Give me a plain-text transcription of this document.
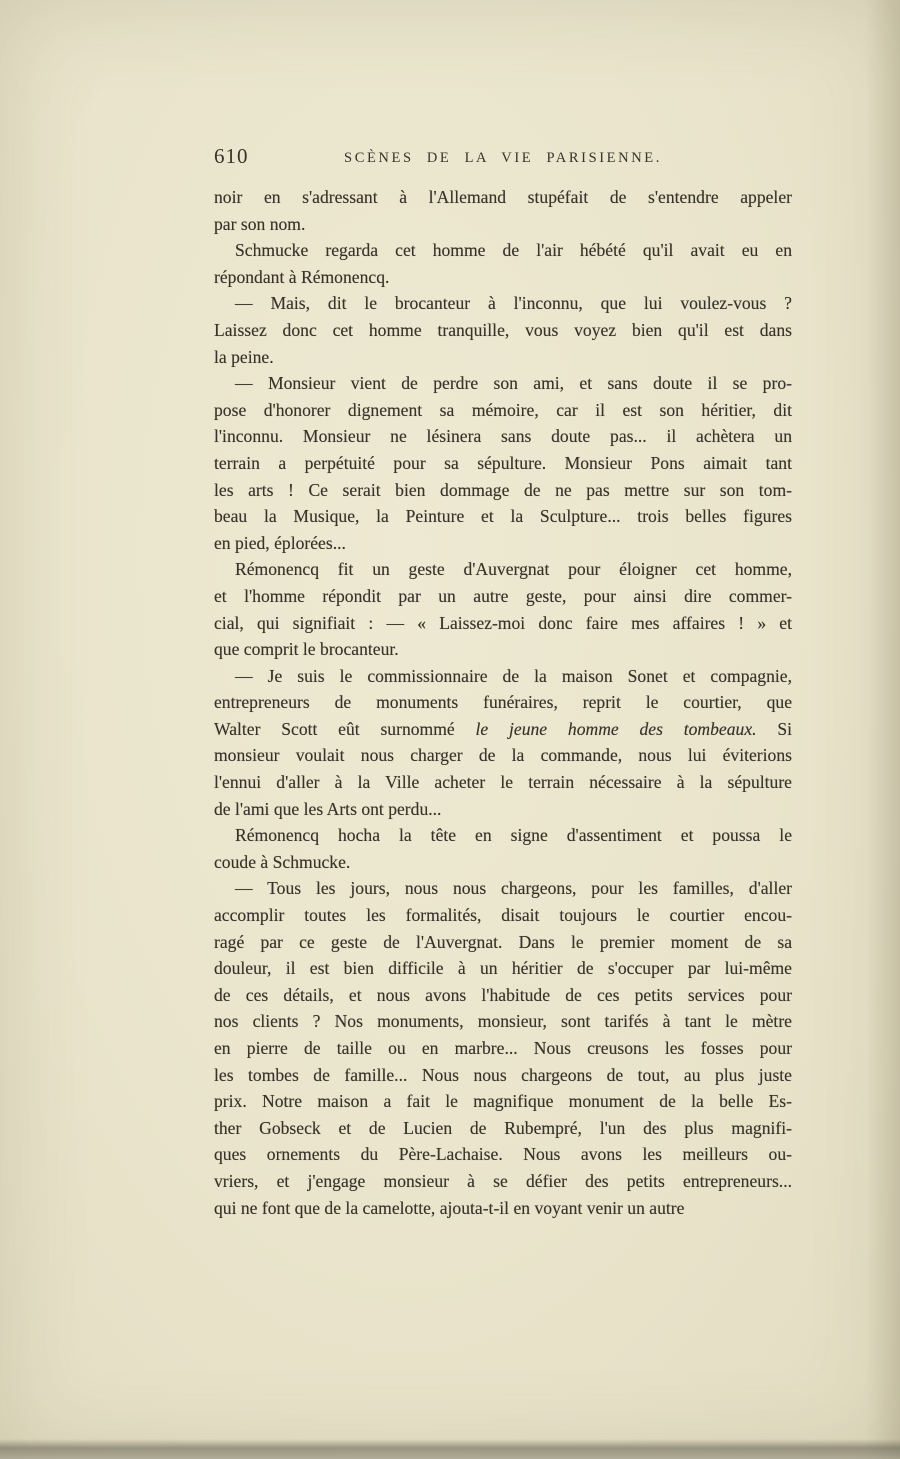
610	SCÈNES DE LA VIE PARISIENNE.
noir en s'adressant à l'Allemand stupéfait de s'entendre appeler
par son nom.
Schmucke regarda cet homme de l'air hébété qu'il avait eu en
répondant à Rémonencq.
— Mais, dit le brocanteur à l'inconnu, que lui voulez-vous ?
Laissez donc cet homme tranquille, vous voyez bien qu'il est dans
la peine.
— Monsieur vient de perdre son ami, et sans doute il se pro-
pose d'honorer dignement sa mémoire, car il est son héritier, dit
l'inconnu. Monsieur ne lésinera sans doute pas... il achètera un
terrain a perpétuité pour sa sépulture. Monsieur Pons aimait tant
les arts ! Ce serait bien dommage de ne pas mettre sur son tom-
beau la Musique, la Peinture et la Sculpture... trois belles figures
en pied, éplorées...
Rémonencq fit un geste d'Auvergnat pour éloigner cet homme,
et l'homme répondit par un autre geste, pour ainsi dire commer-
cial, qui signifiait : — « Laissez-moi donc faire mes affaires ! » et
que comprit le brocanteur.
— Je suis le commissionnaire de la maison Sonet et compagnie,
entrepreneurs de monuments funéraires, reprit le courtier, que
Walter Scott eût surnommé le jeune homme des tombeaux. Si
monsieur voulait nous charger de la commande, nous lui éviterions
l'ennui d'aller à la Ville acheter le terrain nécessaire à la sépulture
de l'ami que les Arts ont perdu...
Rémonencq hocha la tête en signe d'assentiment et poussa le
coude à Schmucke.
— Tous les jours, nous nous chargeons, pour les familles, d'aller
accomplir toutes les formalités, disait toujours le courtier encou-
ragé par ce geste de l'Auvergnat. Dans le premier moment de sa
douleur, il est bien difficile à un héritier de s'occuper par lui-même
de ces détails, et nous avons l'habitude de ces petits services pour
nos clients ? Nos monuments, monsieur, sont tarifés à tant le mètre
en pierre de taille ou en marbre... Nous creusons les fosses pour
les tombes de famille... Nous nous chargeons de tout, au plus juste
prix. Notre maison a fait le magnifique monument de la belle Es-
ther Gobseck et de Lucien de Rubempré, l'un des plus magnifi-
ques ornements du Père-Lachaise. Nous avons les meilleurs ou-
vriers, et j'engage monsieur à se défier des petits entrepreneurs...
qui ne font que de la camelotte, ajouta-t-il en voyant venir un autre
